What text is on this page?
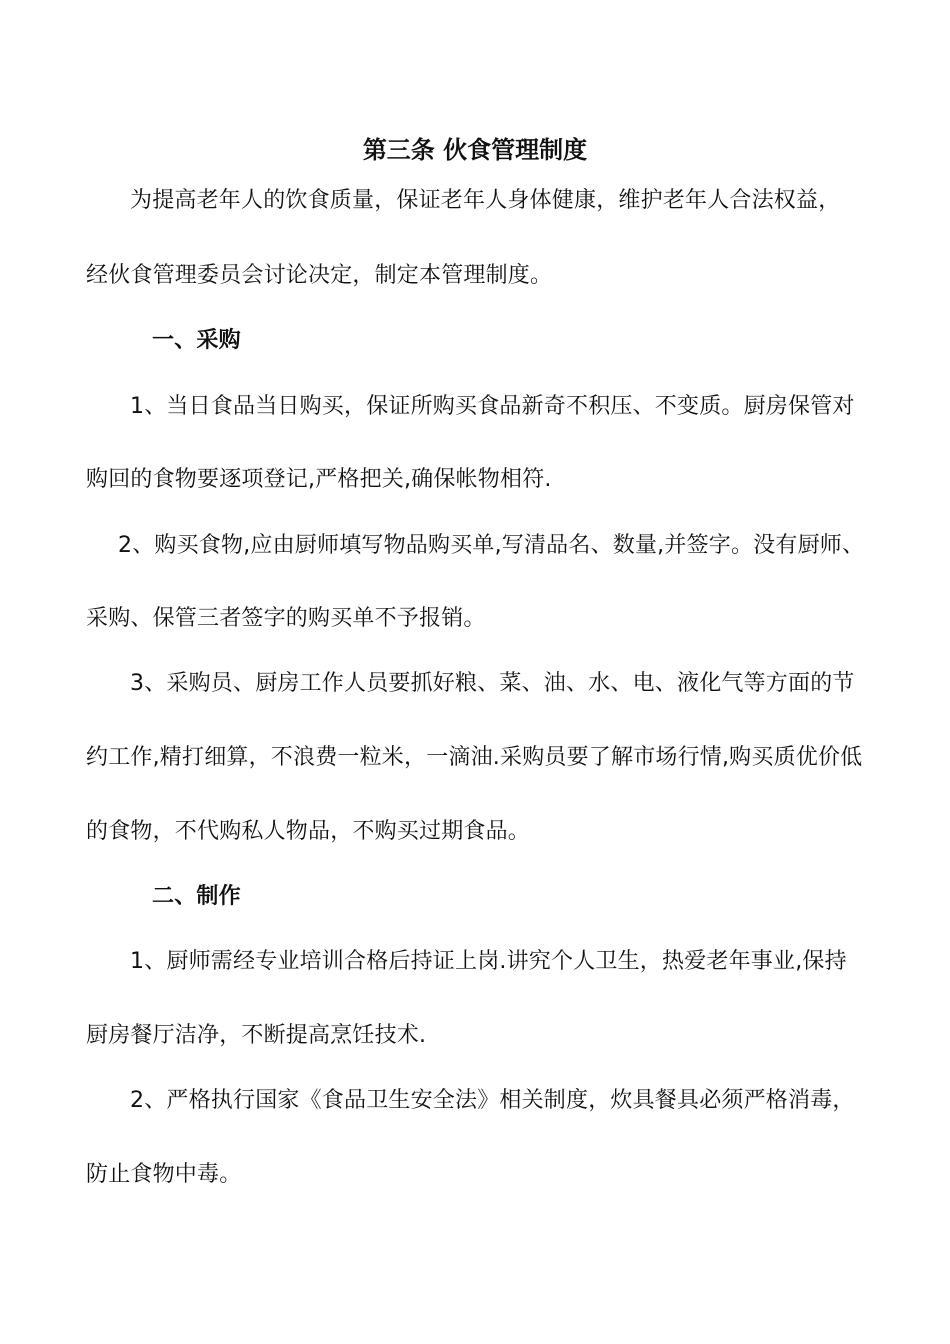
第三条 伙食管理制度
为提高老年人的饮食质量，保证老年人身体健康，维护老年人合法权益，
经伙食管理委员会讨论决定，制定本管理制度。
一、采购
1、当日食品当日购买，保证所购买食品新奇不积压、不变质。厨房保管对
购回的食物要逐项登记,严格把关,确保帐物相符.
2、购买食物,应由厨师填写物品购买单,写清品名、数量,并签字。没有厨师、
采购、保管三者签字的购买单不予报销。
3、采购员、厨房工作人员要抓好粮、菜、油、水、电、液化气等方面的节
约工作,精打细算，不浪费一粒米，一滴油.采购员要了解市场行情,购买质优价低
的食物，不代购私人物品，不购买过期食品。
二、制作
1、厨师需经专业培训合格后持证上岗.讲究个人卫生，热爱老年事业,保持
厨房餐厅洁净，不断提高烹饪技术.
2、严格执行国家《食品卫生安全法》相关制度，炊具餐具必须严格消毒，
防止食物中毒。
